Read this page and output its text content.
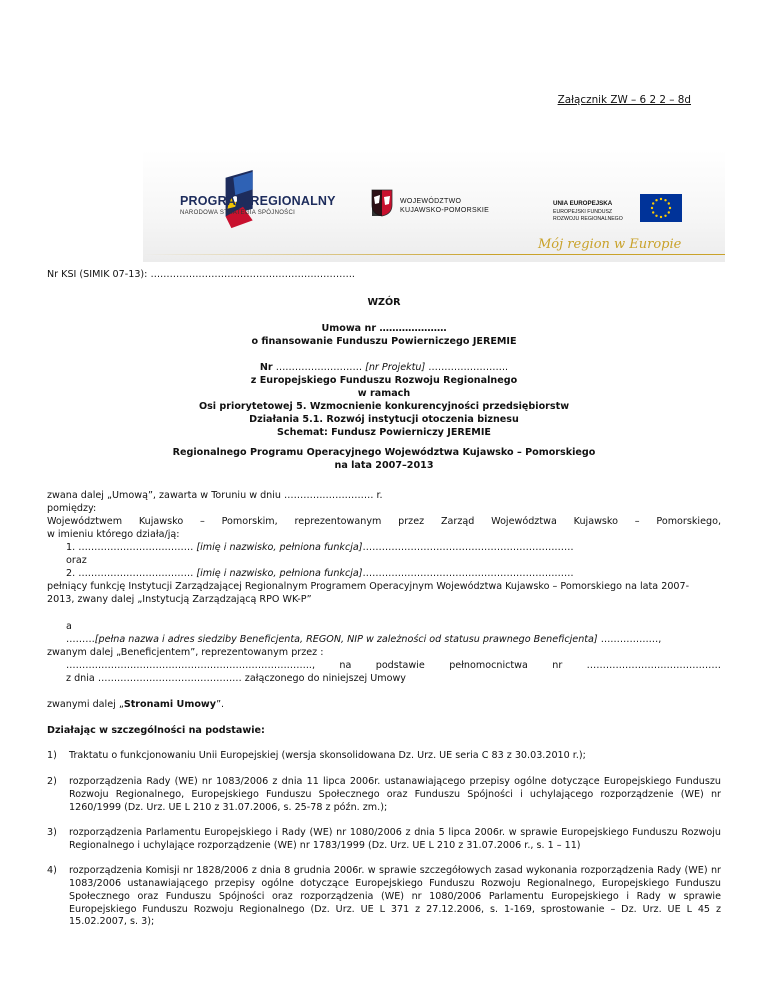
Załącznik ZW – 6 2 2 – 8d
PROGRAM REGIONALNY
NARODOWA STRATEGIA SPÓJNOŚCI
WOJEWÓDZTWO
KUJAWSKO-POMORSKIE
UNIA EUROPEJSKA
EUROPEJSKI FUNDUSZ
ROZWOJU REGIONALNEGO
Mój region w Europie
Nr KSI (SIMIK 07-13): ……………………………………………………….
WZÓR
Umowa nr …………………
o finansowanie Funduszu Powierniczego JEREMIE
Nr ……………………… [nr Projektu] …………………….
z Europejskiego Funduszu Rozwoju Regionalnego
w ramach
Osi priorytetowej 5. Wzmocnienie konkurencyjności przedsiębiorstw
Działania 5.1. Rozwój instytucji otoczenia biznesu
Schemat: Fundusz Powierniczy JEREMIE
Regionalnego Programu Operacyjnego Województwa Kujawsko – Pomorskiego
na lata 2007–2013
zwana dalej „Umową”, zawarta w Toruniu w dniu ………….…………… r.
pomiędzy:
Województwem Kujawsko – Pomorskim, reprezentowanym przez Zarząd Województwa Kujawsko – Pomorskiego,
w imieniu którego działa/ją:
1. ……………………………… [imię i nazwisko, pełniona funkcja]…………………………………………………………
oraz
2. ……………………………… [imię i nazwisko, pełniona funkcja]…………………………………………………………
pełniący funkcję Instytucji Zarządzającej Regionalnym Programem Operacyjnym Województwa Kujawsko – Pomorskiego na lata 2007-
2013, zwany dalej „Instytucją Zarządzającą RPO WK-P”
a
………[pełna nazwa i adres siedziby Beneficjenta, REGON, NIP w zależności od statusu prawnego Beneficjenta] ………………,
zwanym dalej „Beneficjentem”, reprezentowanym przez :
………………………………………………………………….., na podstawie pełnomocnictwa nr ……………………………………
z dnia ……………………………………… załączonego do niniejszej Umowy
zwanymi dalej „Stronami Umowy”.
Działając w szczególności na podstawie:
1) Traktatu o funkcjonowaniu Unii Europejskiej (wersja skonsolidowana Dz. Urz. UE seria C 83 z 30.03.2010 r.);
2) rozporządzenia Rady (WE) nr 1083/2006 z dnia 11 lipca 2006r. ustanawiającego przepisy ogólne dotyczące Europejskiego Funduszu Rozwoju Regionalnego, Europejskiego Funduszu Społecznego oraz Funduszu Spójności i uchylającego rozporządzenie (WE) nr 1260/1999 (Dz. Urz. UE L 210 z 31.07.2006, s. 25-78 z późn. zm.);
3) rozporządzenia Parlamentu Europejskiego i Rady (WE) nr 1080/2006 z dnia 5 lipca 2006r. w sprawie Europejskiego Funduszu Rozwoju Regionalnego i uchylające rozporządzenie (WE) nr 1783/1999 (Dz. Urz. UE L 210 z 31.07.2006 r., s. 1 – 11)
4) rozporządzenia Komisji nr 1828/2006 z dnia 8 grudnia 2006r. w sprawie szczegółowych zasad wykonania rozporządzenia Rady (WE) nr 1083/2006 ustanawiającego przepisy ogólne dotyczące Europejskiego Funduszu Rozwoju Regionalnego, Europejskiego Funduszu Społecznego oraz Funduszu Spójności oraz rozporządzenia (WE) nr 1080/2006 Parlamentu Europejskiego i Rady w sprawie Europejskiego Funduszu Rozwoju Regionalnego (Dz. Urz. UE L 371 z 27.12.2006, s. 1-169, sprostowanie – Dz. Urz. UE L 45 z 15.02.2007, s. 3);
